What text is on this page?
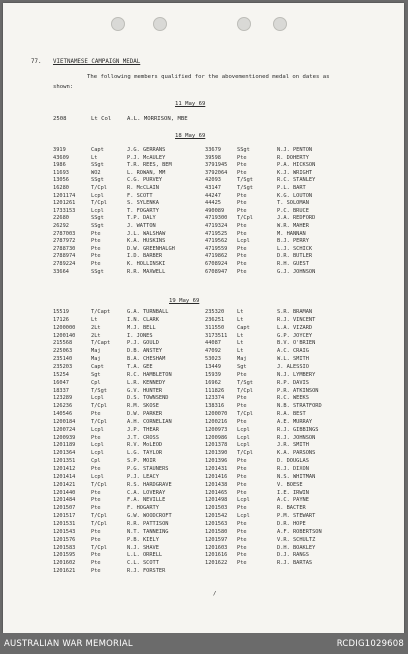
77. VIETNAMESE CAMPAIGN MEDAL
The following members qualified for the abovementioned medal on dates as
shown:
11 May 69
2508	Lt Col	A.L. MORRISON, MBE
18 May 69
3919	Capt	J.G. GERRANS	33679	SSgt	N.J. PENTON
43609	Lt	P.J. McAULEY	39598	Pte	R. DOHERTY
1986	SSgt	T.R. REES, BEM	3791945 Pte	P.A. HICKSON
11693	WO2	L. ROWAN, MM	3792064 Pte	K.J. WRIGHT
13056	SSgt	C.G. PURVEY	42093	T/Sgt	R.C. STANLEY
16280	T/Cpl	R. McCLAIN	43147	T/Sgt	P.L. BART
1201174	Lcpl	F. SCOTT	44247	Pte	K.G. LOUTON
1201261	T/Cpl	S. SYLENKA	44425	Pte	T. SOLOMAN
1733153	Lcpl	T. FOGARTY	490089 Pte	P.C. BRUCE
22680	SSgt	T.P. DALY	4719300 T/Cpl	J.A. REDFORD
26292	SSgt	J. WATTON	4719324 Pte	W.R. MAHER
2787003	Pte	J.L. WALSHAW	4719525 Pte	M. HANNAN
2787972	Pte	K.A. HUSKINS	4719562 Lcpl	B.J. PERRY
2788730	Pte	D.W. GREENHALGH	4719559 Pte	L.J. SCHICK
2788974	Pte	I.D. BARBER	4719862 Pte	D.R. BUTLER
2789224	Pte	K. HOLLINSKI	6708924 Pte	R.H. GUEST
33664	SSgt	R.R. MAXWELL	6708947 Pte	G.J. JOHNSON
19 May 69
15519	T/Capt	G.A. TURNBALL	235320 Lt	S.R. BRAMAN
17126	Lt	I.N. CLARK	236251 Lt	R.J. VINCENT
1200000	2Lt	M.J. BELL	311550 Capt	L.A. VIZARD
1200140	2Lt	I. JONES	3173511 Lt	G.P. JOYCEY
215568	T/Capt	P.J. GOULD	44087	Lt	B.V. O'BRIEN
225063	Maj	D.B. ANSTEY	47092	Lt	A.C. CRAIG
235140	Maj	B.A. CHESHAM	53023	Maj	W.L. SMITH
235203	Capt	T.A. GEE	13449	Sgt	J. ALESSIO
15254	Sgt	R.C. HAMBLETON	15939	Pte	N.J. LYMBERY
16047	Cpl	L.R. KENNEDY	16962	T/Sgt	R.P. DAVIS
18337	T/Sgt	G.V. HUNTER	111826 T/Cpl	P.R. ATKINSON
123289	Lcpl	D.S. TOWNSEND	123374 Pte	R.C. WEEKS
126236	T/Cpl	R.M. SKOSE	138316 Pte	N.B. STRATFORD
140546	Pte	D.W. PARKER	1200070 T/Cpl	R.A. BEST
1200184	T/Cpl	A.H. CORNELIAN	1200216 Pte	A.E. MURRAY
1200724	Lcpl	J.P. THEAR	1200973 Lcpl	R.J. GIBBINGS
1200939	Pte	J.T. CROSS	1200986 Lcpl	R.J. JOHNSON
1201189	Lcpl	R.V. MoLEOD	1201378 Lcpl	J.R. SMITH
1201364	Lcpl	L.G. TAYLOR	1201390 T/Cpl	K.A. PARSONS
1201351	Cpl	S.P. MOIR	1201396 Pte	D. DOUGLAS
1201412	Pte	P.G. STAUNERS	1201431 Pte	R.J. DIXON
1201414	Lcpl	P.J. LEACY	1201416 Pte	N.S. WHITMAN
1201421	T/Cpl	R.S. HARDGRAVE	1201438 Pte	V. BOESE
1201440	Pte	C.A. LOVERAY	1201465 Pte	I.E. IRWIN
1201484	Pte	F.A. NEVILLE	1201498 Lcpl	A.C. PAYNE
1201507	Pte	F. HOGARTY	1201503 Pte	R. BACTER
1201517	T/Cpl	G.W. WOODCROFT	1201542 Lcpl	P.M. STEWART
1201531	T/Cpl	R.R. PATTISON	1201563 Pte	D.R. HOPE
1201543	Pte	N.T. TANNEING	1201580 Pte	A.F. ROBERTSON
1201576	Pte	P.B. KIELY	1201597 Pte	V.R. SCHULTZ
1201583	T/Cpl	N.J. SHAVE	1201603 Pte	D.H. BOAKLEY
1201595	Pte	L.L. ORRELL	1201616 Pte	D.J. RANGS
1201602	Pte	C.L. SCOTT	1201622 Pte	R.J. BARTAS
1201621	Pte	R.J. FORSTER
/
AUSTRALIAN WAR MEMORIAL	RCDIG1029608
